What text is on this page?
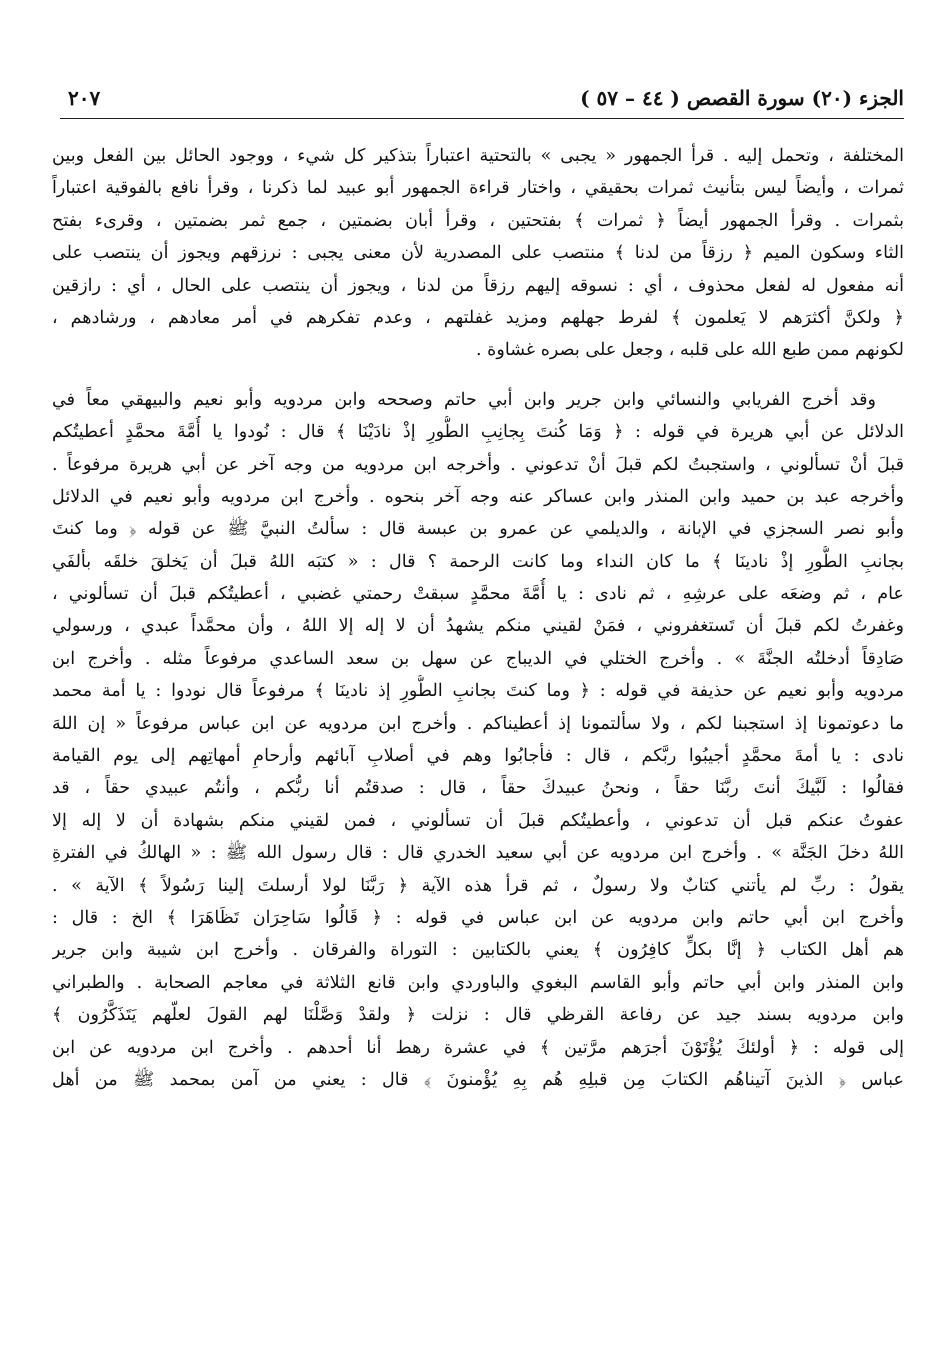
الجزء (٢٠) سورة القصص ( ٤٤ – ٥٧ )
٢٠٧
المختلفة ، وتحمل إليه . قرأ الجمهور « يجبى » بالتحتية اعتباراً بتذكير كل شيء ، ووجود الحائل بين الفعل وبين
ثمرات ، وأيضاً ليس بتأنيث ثمرات بحقيقي ، واختار قراءة الجمهور أبو عبيد لما ذكرنا ، وقرأ نافع بالفوقية اعتباراً
بثمرات . وقرأ الجمهور أيضاً ﴿ ثمرات ﴾ بفتحتين ، وقرأ أبان بضمتين ، جمع ثمر بضمتين ، وقرىء بفتح
الثاء وسكون الميم ﴿ رزقاً من لدنا ﴾ منتصب على المصدرية لأن معنى يجبى : نرزقهم ويجوز أن ينتصب على
أنه مفعول له لفعل محذوف ، أي : نسوقه إليهم رزقاً من لدنا ، ويجوز أن ينتصب على الحال ، أي : رازقين
﴿ ولكنَّ أكثرَهم لا يَعلمون ﴾ لفرط جهلهم ومزيد غفلتهم ، وعدم تفكرهم في أمر معادهم ، ورشادهم ،
لكونهم ممن طبع الله على قلبه ، وجعل على بصره غشاوة .
وقد أخرج الفريابي والنسائي وابن جرير وابن أبي حاتم وصححه وابن مردويه وأبو نعيم والبيهقي معاً في
الدلائل عن أبي هريرة في قوله : ﴿ وَمَا كُنتَ بِجانِبِ الطُّورِ إذْ نادَيْنَا ﴾ قال : نُودوا يا أُمَّةَ محمَّدٍ أعطيتُكم
قبلَ أنْ تسألوني ، واستجبتُ لكم قبلَ أنْ تدعوني . وأخرجه ابن مردويه من وجه آخر عن أبي هريرة مرفوعاً .
وأخرجه عبد بن حميد وابن المنذر وابن عساكر عنه وجه آخر بنحوه . وأخرج ابن مردويه وأبو نعيم في الدلائل
وأبو نصر السجزي في الإبانة ، والديلمي عن عمرو بن عبسة قال : سألتُ النبيَّ ﷺ عن قوله ﴿ وما كنتَ
بجانبِ الطُّورِ إذْ نادينَا ﴾ ما كان النداء وما كانت الرحمة ؟ قال : « كتبَه اللهُ قبلَ أن يَخلقَ خلقَه بألفَي
عام ، ثم وضعَه على عرشِهِ ، ثم نادى : يا أُمَّةَ محمَّدٍ سبقتْ رحمتي غضبي ، أعطيتُكم قبلَ أن تسألوني ،
وغفرتُ لكم قبلَ أن تَستغفروني ، فمَنْ لقيني منكم يشهدُ أن لا إله إلا اللهُ ، وأن محمَّداً عبدي ، ورسولي
صَادِقاً أدخلتُه الجنَّةَ » . وأخرج الختلي في الديباج عن سهل بن سعد الساعدي مرفوعاً مثله . وأخرج ابن
مردويه وأبو نعيم عن حذيفة في قوله : ﴿ وما كنتَ بجانبِ الطُّورِ إذ نادينَا ﴾ مرفوعاً قال نودوا : يا أمة محمد
ما دعوتمونا إذ استجبنا لكم ، ولا سألتمونا إذ أعطيناكم . وأخرج ابن مردويه عن ابن عباس مرفوعاً « إن اللهَ
نادى : يا أمةَ محمَّدٍ أجيبُوا ربَّكم ، قال : فأجابُوا وهم في أصلابِ آبائهم وأرحامِ أمهاتِهم إلى يوم القيامة
فقالُوا : لَبَّيكَ أنتَ ربَّنَا حقاً ، ونحنُ عبيدكَ حقاً ، قال : صدقتُم أنا ربُّكم ، وأنتُم عبيدي حقاً ، قد
عفوتُ عنكم قبل أن تدعوني ، وأعطيتُكم قبلَ أن تسألوني ، فمن لقيني منكم بشهادة أن لا إله إلا
اللهُ دخلَ الجَنَّة » . وأخرج ابن مردويه عن أبي سعيد الخدري قال : قال رسول الله ﷺ : « الهالكُ في الفترةِ
يقولُ : ربِّ لم يأتني كتابٌ ولا رسولٌ ، ثم قرأ هذه الآية ﴿ رَبَّنَا لولا أرسلتَ إلينا رَسُولاً ﴾ الآية » .
وأخرج ابن أبي حاتم وابن مردويه عن ابن عباس في قوله : ﴿ قَالُوا سَاحِرَان تَظَاهَرَا ﴾ الخ : قال :
هم أهل الكتاب ﴿ إنَّا بكلٍّ كافِرُون ﴾ يعني بالكتابين : التوراة والفرقان . وأخرج ابن شيبة وابن جرير
وابن المنذر وابن أبي حاتم وأبو القاسم البغوي والباوردي وابن قانع الثلاثة في معاجم الصحابة . والطبراني
وابن مردويه بسند جيد عن رفاعة القرظي قال : نزلت ﴿ ولقدْ وَصَّلْنَا لهم القولَ لعلّهم يَتَذَكَّرُون ﴾
إلى قوله : ﴿ أولئكَ يُؤْتَوْنَ أجرَهم مرَّتين ﴾ في عشرة رهط أنا أحدهم . وأخرج ابن مردويه عن ابن
عباس ﴿ الذينَ آتيناهُم الكتابَ مِن قبلِهِ هُم بِهِ يُؤْمنونَ ﴾ قال : يعني من آمن بمحمد ﷺ من أهل
